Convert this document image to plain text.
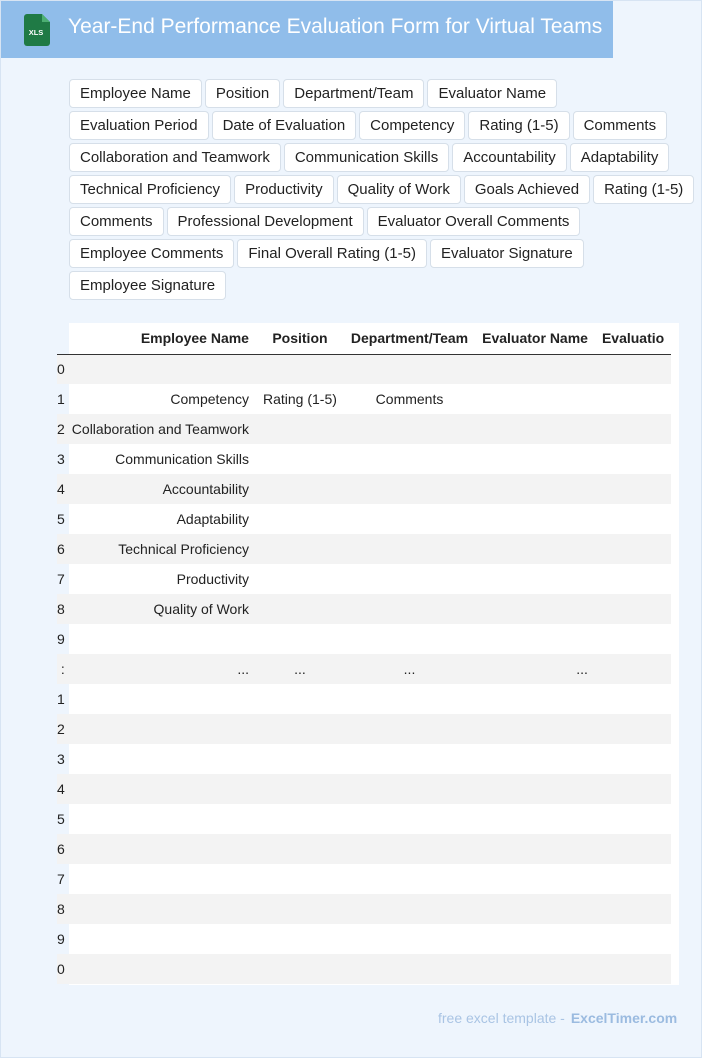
XLS Year-End Performance Evaluation Form for Virtual Teams
Employee Name	Position	Department/Team	Evaluator Name
Evaluation Period	Date of Evaluation	Competency	Rating (1-5)	Comments
Collaboration and Teamwork	Communication Skills	Accountability	Adaptability
Technical Proficiency	Productivity	Quality of Work	Goals Achieved	Rating (1-5)
Comments	Professional Development	Evaluator Overall Comments
Employee Comments	Final Overall Rating (1-5)	Evaluator Signature
Employee Signature
	Employee Name	Position	Department/Team	Evaluator Name	Evaluatio
0					
1	Competency	Rating (1-5)	Comments		
2	Collaboration and Teamwork				
3	Communication Skills				
4	Accountability				
5	Adaptability				
6	Technical Proficiency				
7	Productivity				
8	Quality of Work				
9					
:	...	...	...	...	
1					
2					
3					
4					
5					
6					
7					
8					
9					
0					
free excel template - ExcelTimer.com
